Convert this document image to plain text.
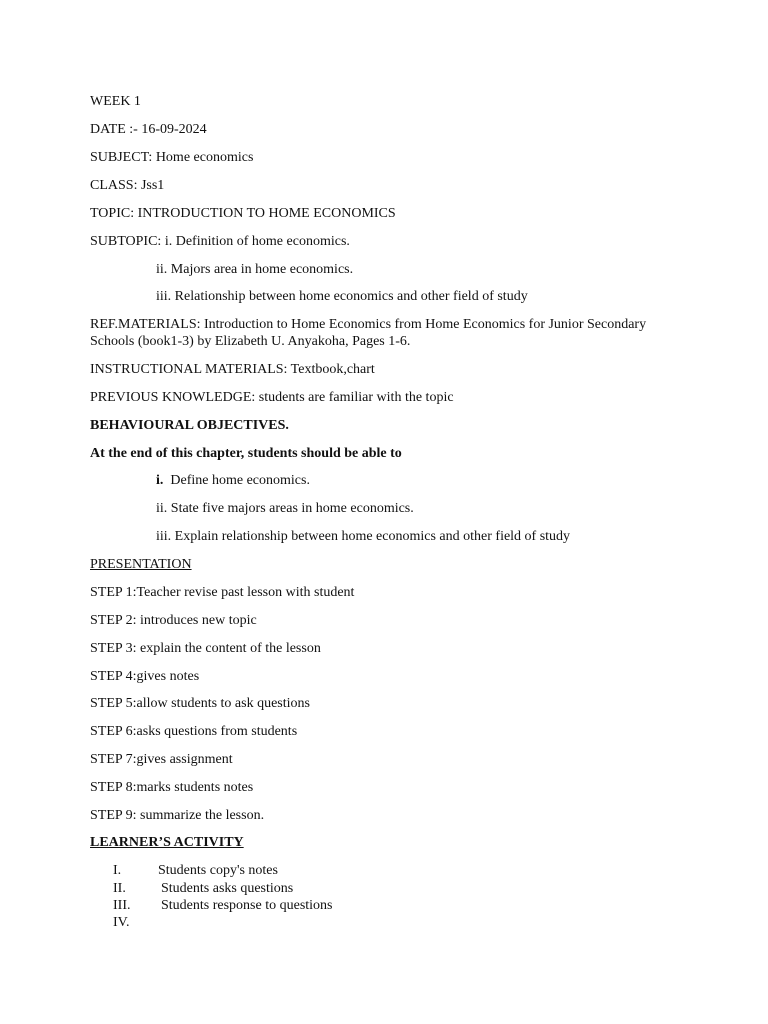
WEEK 1
DATE :- 16-09-2024
SUBJECT: Home economics
CLASS: Jss1
TOPIC: INTRODUCTION TO HOME ECONOMICS
SUBTOPIC: i. Definition of home economics.
ii. Majors area in home economics.
iii. Relationship between home economics and other field of study
REF.MATERIALS: Introduction to Home Economics from Home Economics for Junior Secondary
Schools (book1-3) by Elizabeth U. Anyakoha, Pages 1-6.
INSTRUCTIONAL MATERIALS: Textbook,chart
PREVIOUS KNOWLEDGE: students are familiar with the topic
BEHAVIOURAL OBJECTIVES.
At the end of this chapter, students should be able to
i. Define home economics.
ii. State five majors areas in home economics.
iii. Explain relationship between home economics and other field of study
PRESENTATION
STEP 1:Teacher revise past lesson with student
STEP 2: introduces new topic
STEP 3: explain the content of the lesson
STEP 4:gives notes
STEP 5:allow students to ask questions
STEP 6:asks questions from students
STEP 7:gives assignment
STEP 8:marks students notes
STEP 9: summarize the lesson.
LEARNER’S ACTIVITY
I.	Students copy's notes
II.	Students asks questions
III. Students response to questions
IV.
